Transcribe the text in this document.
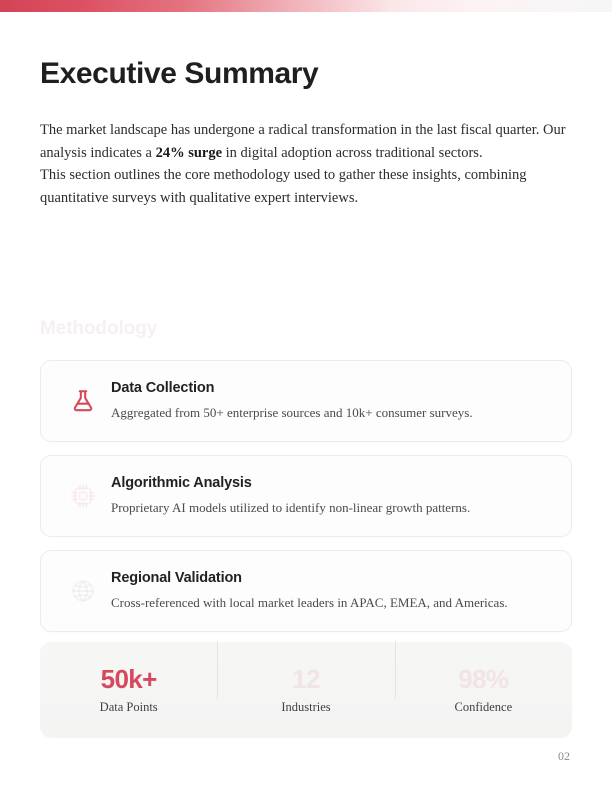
Executive Summary

The market landscape has undergone a radical transformation in the last fiscal quarter. Our analysis indicates a 24% surge in digital adoption across traditional sectors.

This section outlines the core methodology used to gather these insights, combining quantitative surveys with qualitative expert interviews.

Methodology
Data Collection
Aggregated from 50+ enterprise sources and 10k+ consumer surveys.
Algorithmic Analysis
Proprietary AI models utilized to identify non-linear growth patterns.
Regional Validation
Cross-referenced with local market leaders in APAC, EMEA, and Americas.
50k+
Data Points
12
Industries
98%
Confidence
02
